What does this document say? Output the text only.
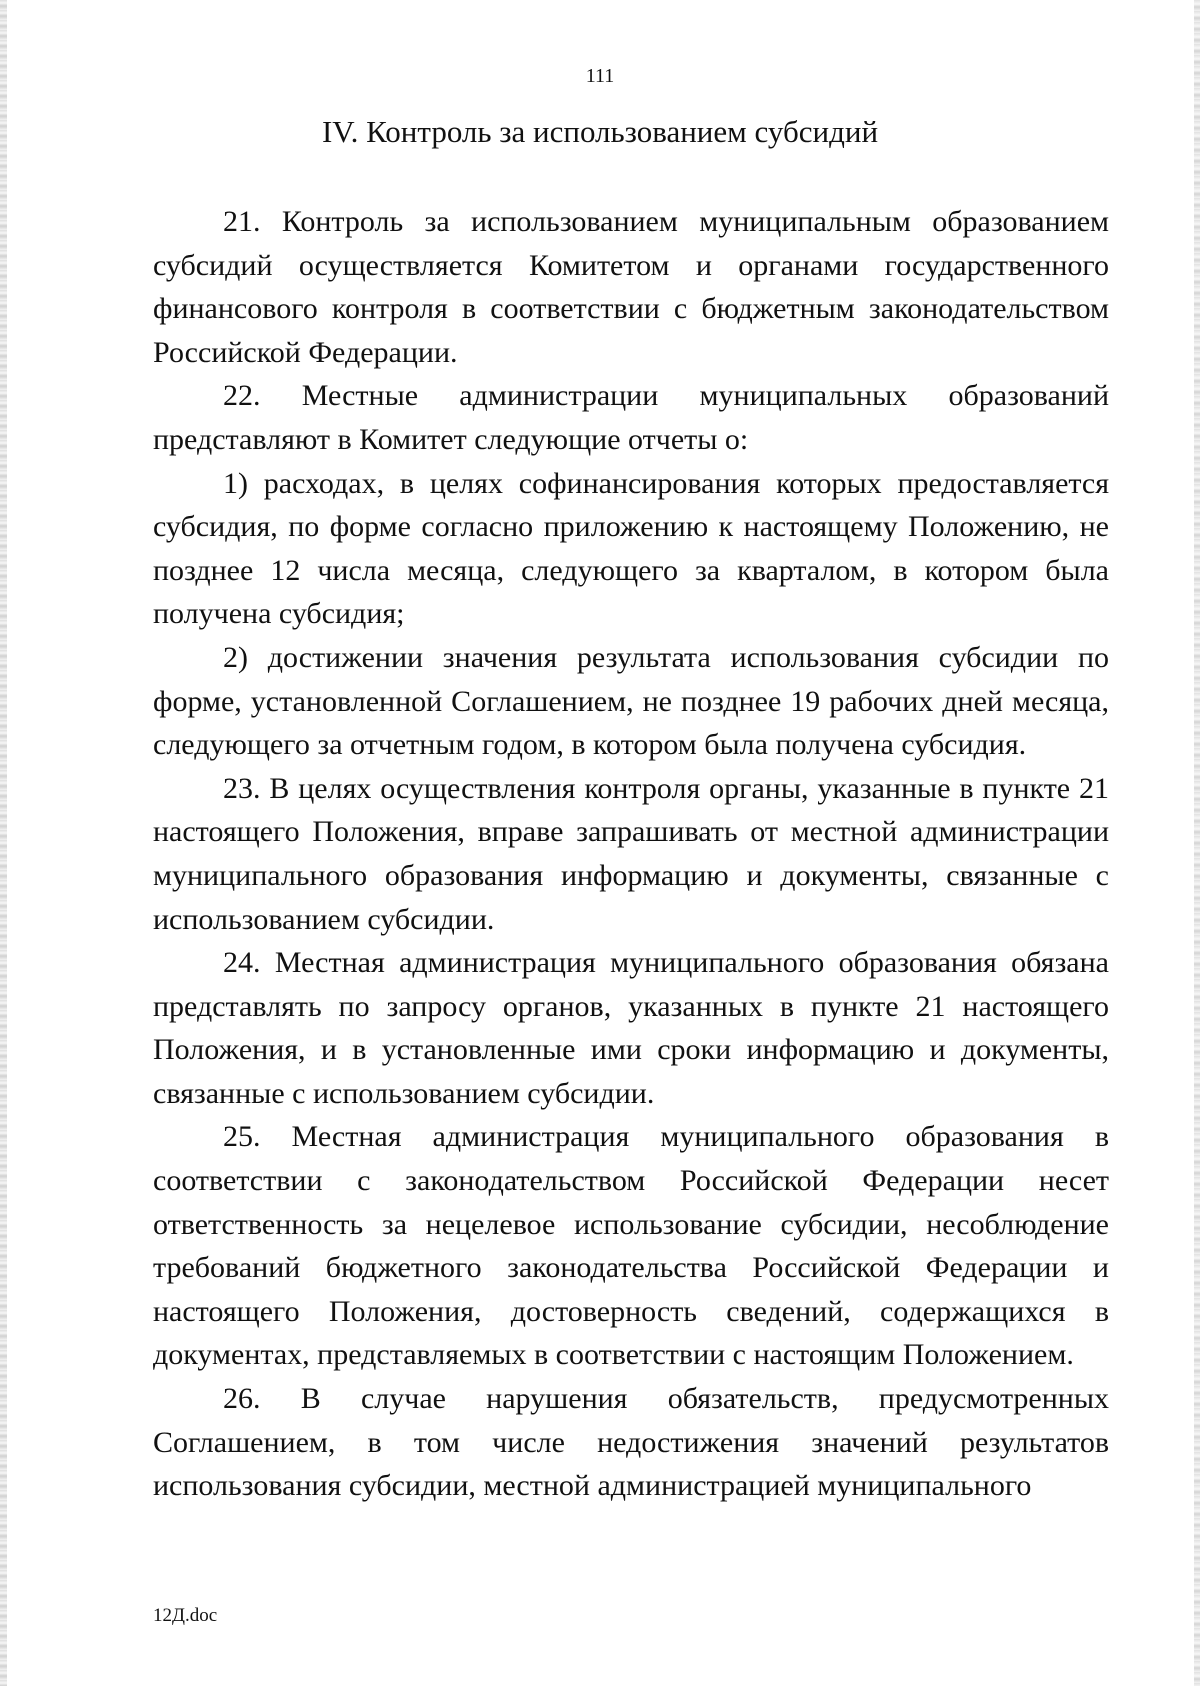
111
IV. Контроль за использованием субсидий

21. Контроль за использованием муниципальным образованием субсидий осуществляется Комитетом и органами государственного финансового контроля в соответствии с бюджетным законодательством Российской Федерации.

22. Местные администрации муниципальных образований представляют в Комитет следующие отчеты о:

1) расходах, в целях софинансирования которых предоставляется субсидия, по форме согласно приложению к настоящему Положению, не позднее 12 числа месяца, следующего за кварталом, в котором была получена субсидия;

2) достижении значения результата использования субсидии по форме, установленной Соглашением, не позднее 19 рабочих дней месяца, следующего за отчетным годом, в котором была получена субсидия.

23. В целях осуществления контроля органы, указанные в пункте 21 настоящего Положения, вправе запрашивать от местной администрации муниципального образования информацию и документы, связанные с использованием субсидии.

24. Местная администрация муниципального образования обязана представлять по запросу органов, указанных в пункте 21 настоящего Положения, и в установленные ими сроки информацию и документы, связанные с использованием субсидии.

25. Местная администрация муниципального образования в соответствии с законодательством Российской Федерации несет ответственность за нецелевое использование субсидии, несоблюдение требований бюджетного законодательства Российской Федерации и настоящего Положения, достоверность сведений, содержащихся в документах, представляемых в соответствии с настоящим Положением.

26. В случае нарушения обязательств, предусмотренных Соглашением, в том числе недостижения значений результатов использования субсидии, местной администрацией муниципального

12Д.doc
